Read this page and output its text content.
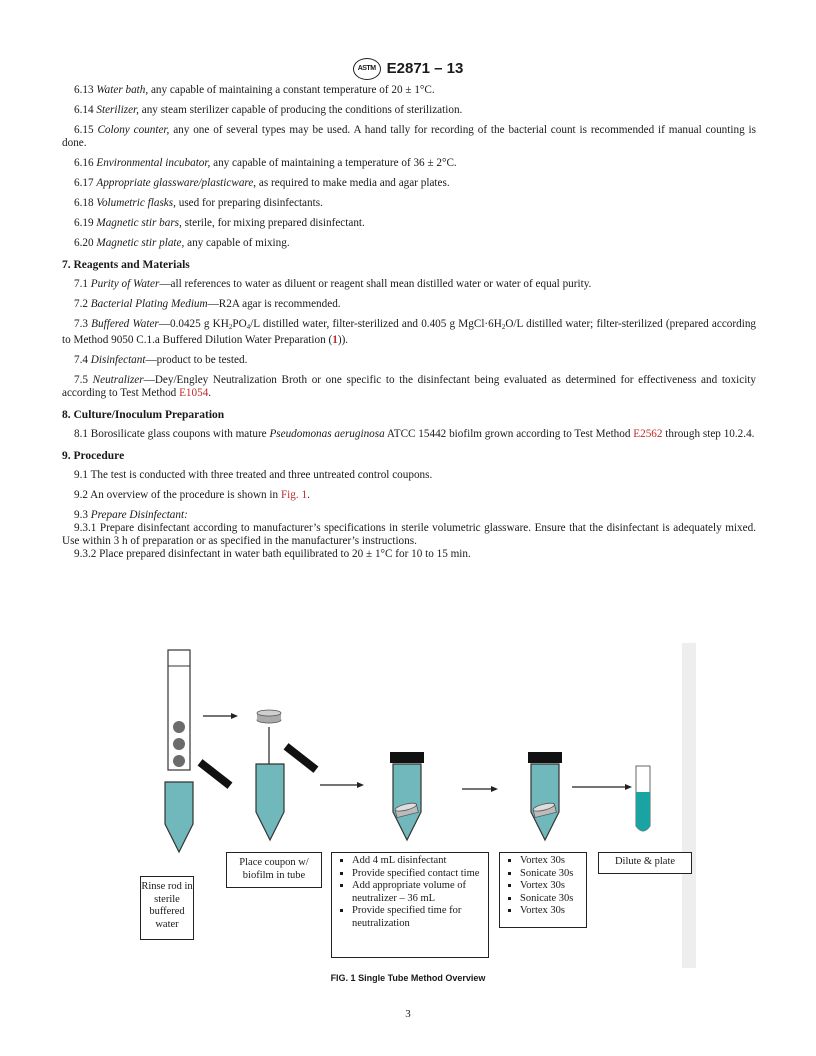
ASTM E2871 – 13

6.13 Water bath, any capable of maintaining a constant temperature of 20 ± 1°C.

6.14 Sterilizer, any steam sterilizer capable of producing the conditions of sterilization.

6.15 Colony counter, any one of several types may be used. A hand tally for recording of the bacterial count is recommended if manual counting is done.

6.16 Environmental incubator, any capable of maintaining a temperature of 36 ± 2°C.

6.17 Appropriate glassware/plasticware, as required to make media and agar plates.

6.18 Volumetric flasks, used for preparing disinfectants.

6.19 Magnetic stir bars, sterile, for mixing prepared disinfectant.

6.20 Magnetic stir plate, any capable of mixing.

7. Reagents and Materials

7.1 Purity of Water—all references to water as diluent or reagent shall mean distilled water or water of equal purity.

7.2 Bacterial Plating Medium—R2A agar is recommended.

7.3 Buffered Water—0.0425 g $KH_2PO_4/L$ distilled water, filter-sterilized and 0.405 g $MgCl\cdot 6H_2O/L$ distilled water; filter-sterilized (prepared according to Method 9050 C.1.a Buffered Dilution Water Preparation (1)).

7.4 Disinfectant—product to be tested.

7.5 Neutralizer—Dey/Engley Neutralization Broth or one specific to the disinfectant being evaluated as determined for effectiveness and toxicity according to Test Method E1054.

8. Culture/Inoculum Preparation

8.1 Borosilicate glass coupons with mature Pseudomonas aeruginosa ATCC 15442 biofilm grown according to Test Method E2562 through step 10.2.4.

9. Procedure

9.1 The test is conducted with three treated and three untreated control coupons.

9.2 An overview of the procedure is shown in Fig. 1.

9.3 Prepare Disinfectant:

9.3.1 Prepare disinfectant according to manufacturer’s specifications in sterile volumetric glassware. Ensure that the disinfectant is adequately mixed. Use within 3 h of preparation or as specified in the manufacturer’s instructions.

9.3.2 Place prepared disinfectant in water bath equilibrated to 20 ± 1°C for 10 to 15 min.

Rinse rod in sterile buffered water
Place coupon w/ biofilm in tube
▪ Add 4 mL disinfectant
▪ Provide specified contact time
▪ Add appropriate volume of neutralizer – 36 mL
▪ Provide specified time for neutralization
▪ Vortex 30s
▪ Sonicate 30s
▪ Vortex 30s
▪ Sonicate 30s
▪ Vortex 30s
Dilute & plate
FIG. 1 Single Tube Method Overview
3
